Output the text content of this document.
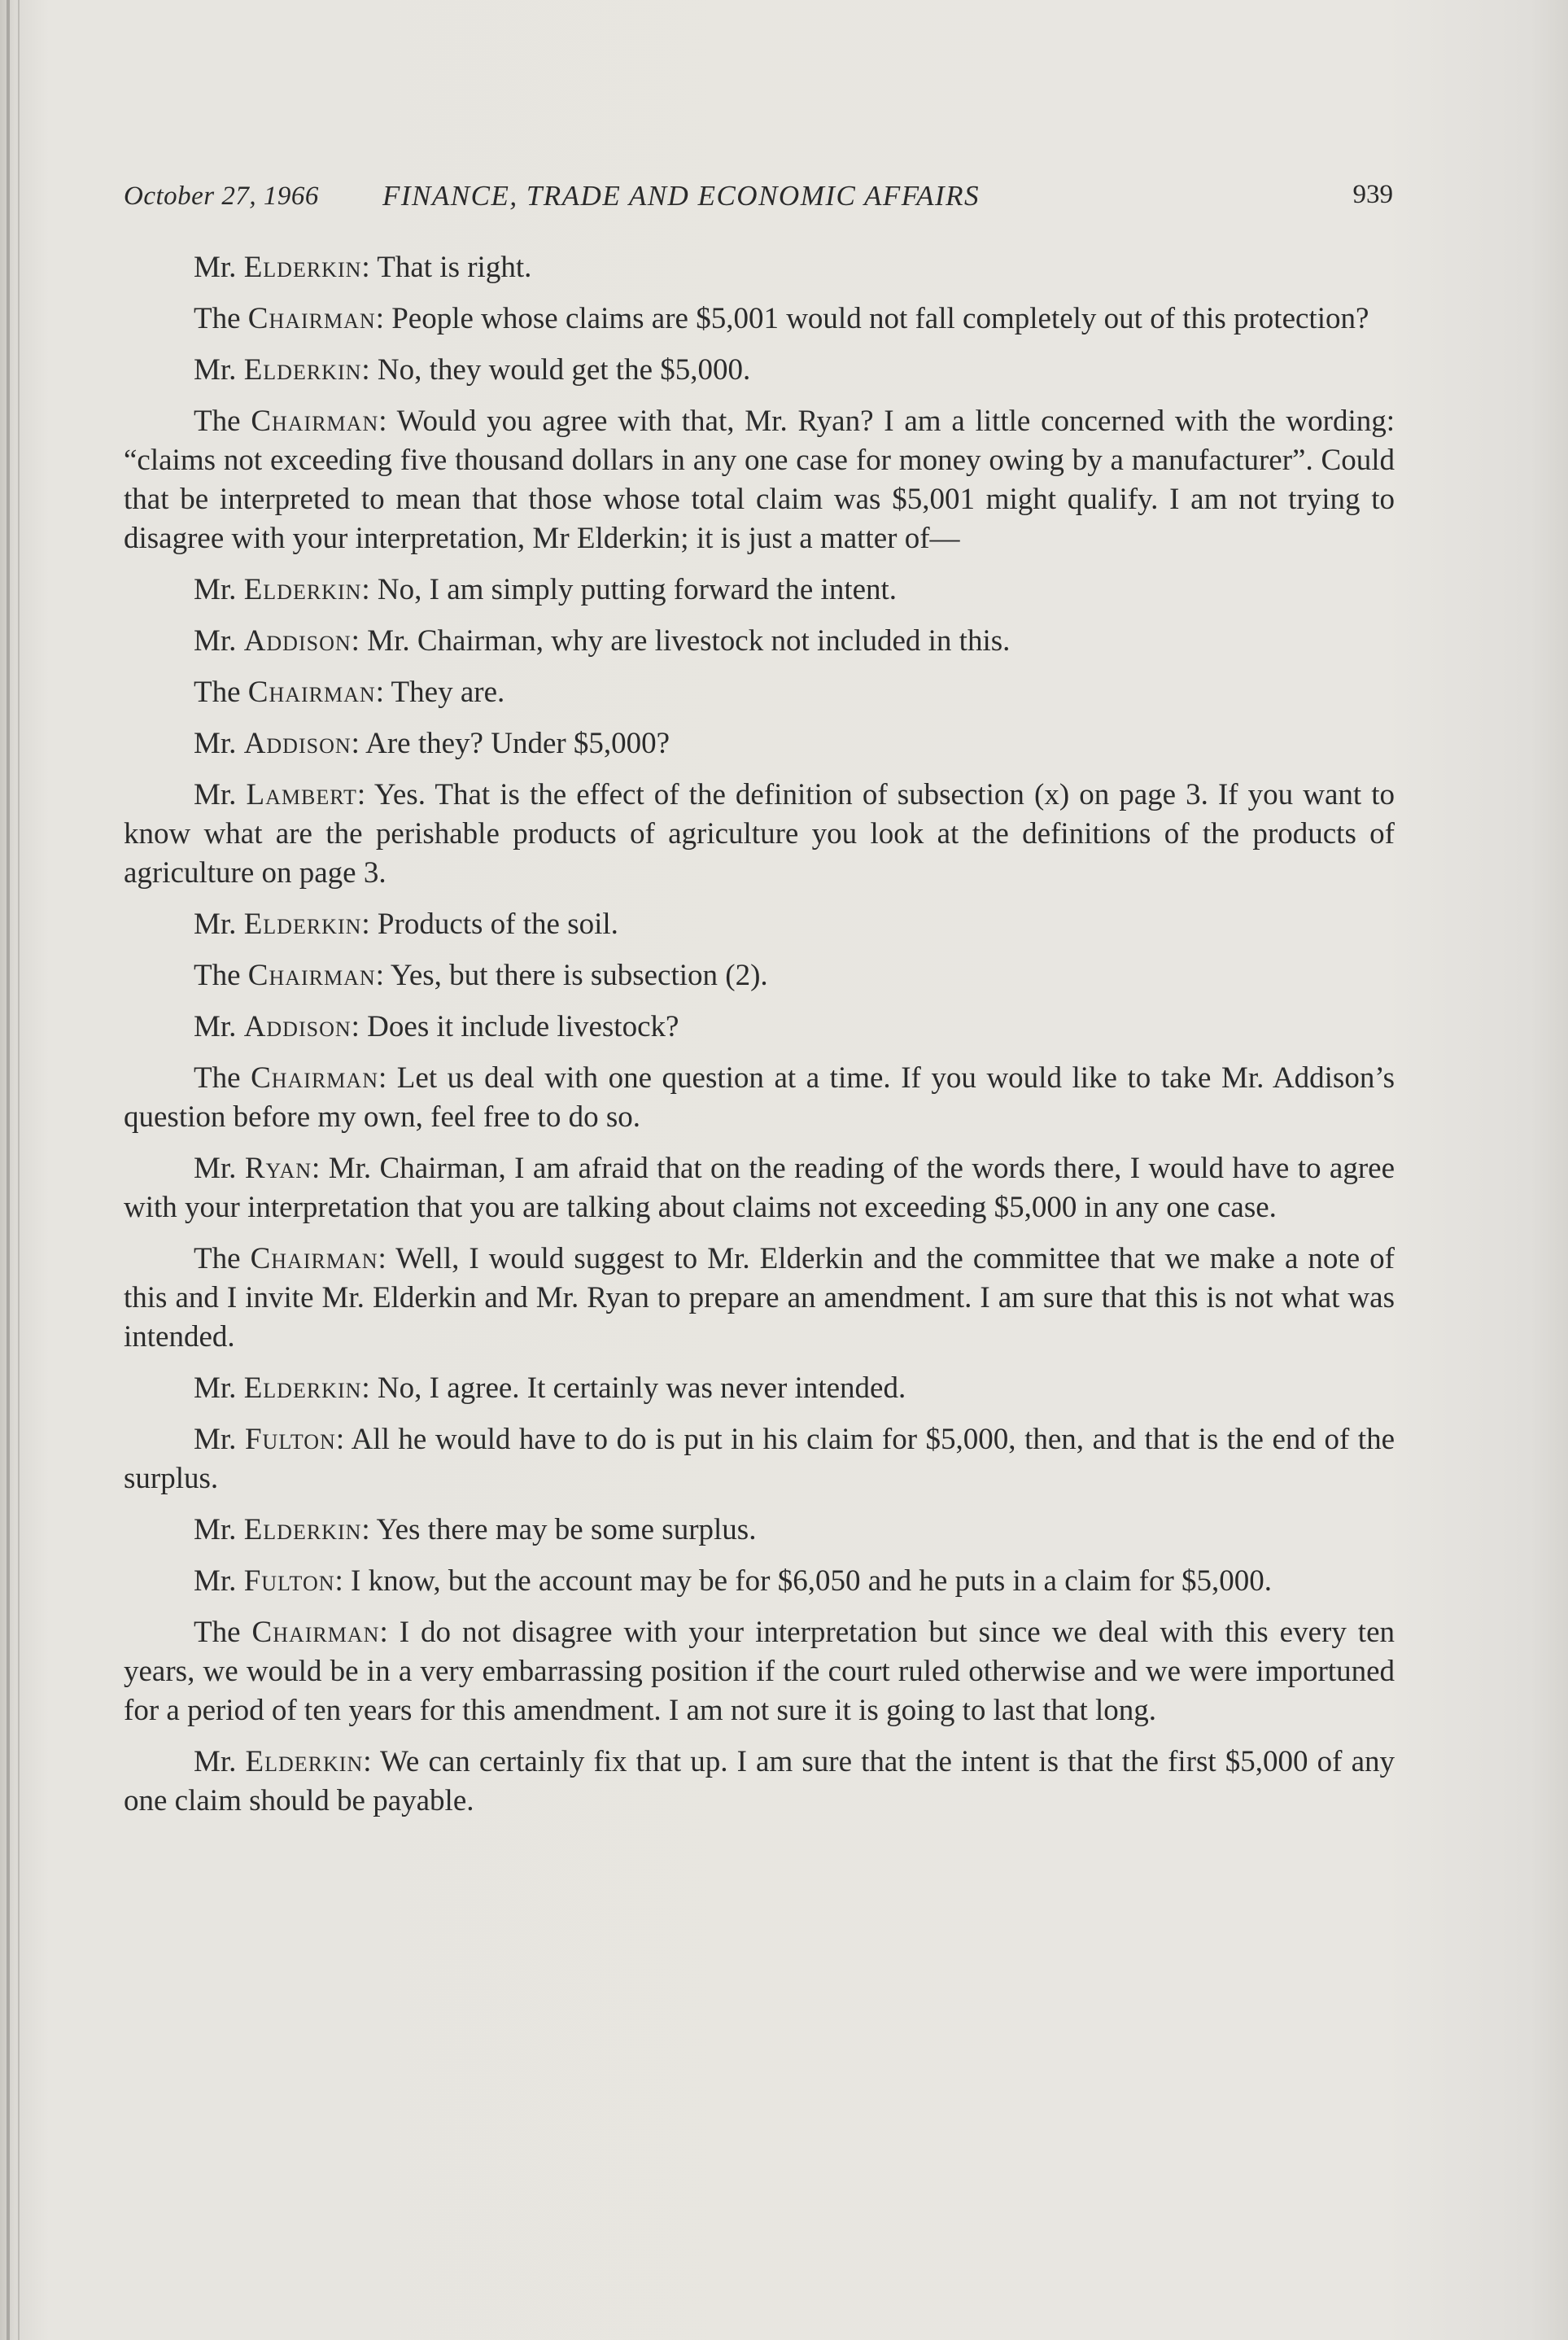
October 27, 1966 FINANCE, TRADE AND ECONOMIC AFFAIRS	939

Mr. Elderkin: That is right.

The Chairman: People whose claims are $5,001 would not fall completely out of this protection?

Mr. Elderkin: No, they would get the $5,000.

The Chairman: Would you agree with that, Mr. Ryan? I am a little concerned with the wording: “claims not exceeding five thousand dollars in any one case for money owing by a manufacturer”. Could that be interpreted to mean that those whose total claim was $5,001 might qualify. I am not trying to disagree with your interpretation, Mr Elderkin; it is just a matter of—

Mr. Elderkin: No, I am simply putting forward the intent.

Mr. Addison: Mr. Chairman, why are livestock not included in this.

The Chairman: They are.

Mr. Addison: Are they? Under $5,000?

Mr. Lambert: Yes. That is the effect of the definition of subsection (x) on page 3. If you want to know what are the perishable products of agriculture you look at the definitions of the products of agriculture on page 3.

Mr. Elderkin: Products of the soil.

The Chairman: Yes, but there is subsection (2).

Mr. Addison: Does it include livestock?

The Chairman: Let us deal with one question at a time. If you would like to take Mr. Addison’s question before my own, feel free to do so.

Mr. Ryan: Mr. Chairman, I am afraid that on the reading of the words there, I would have to agree with your interpretation that you are talking about claims not exceeding $5,000 in any one case.

The Chairman: Well, I would suggest to Mr. Elderkin and the committee that we make a note of this and I invite Mr. Elderkin and Mr. Ryan to prepare an amendment. I am sure that this is not what was intended.

Mr. Elderkin: No, I agree. It certainly was never intended.

Mr. Fulton: All he would have to do is put in his claim for $5,000, then, and that is the end of the surplus.

Mr. Elderkin: Yes there may be some surplus.

Mr. Fulton: I know, but the account may be for $6,050 and he puts in a claim for $5,000.

The Chairman: I do not disagree with your interpretation but since we deal with this every ten years, we would be in a very embarrassing position if the court ruled otherwise and we were importuned for a period of ten years for this amendment. I am not sure it is going to last that long.

Mr. Elderkin: We can certainly fix that up. I am sure that the intent is that the first $5,000 of any one claim should be payable.
